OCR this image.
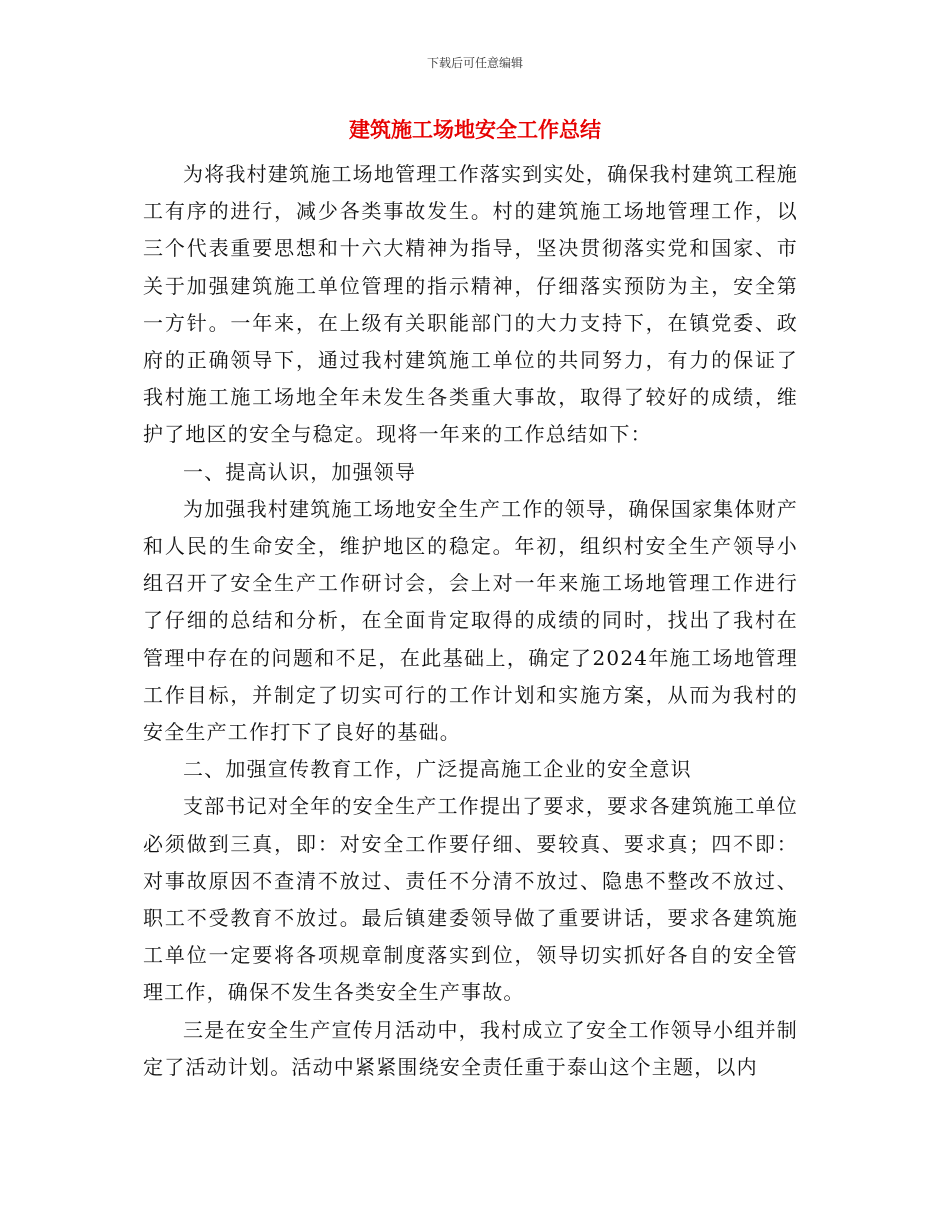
下载后可任意编辑
建筑施工场地安全工作总结

为将我村建筑施工场地管理工作落实到实处，确保我村建筑工程施工有序的进行，减少各类事故发生。村的建筑施工场地管理工作，以三个代表重要思想和十六大精神为指导，坚决贯彻落实党和国家、市关于加强建筑施工单位管理的指示精神，仔细落实预防为主，安全第一方针。一年来，在上级有关职能部门的大力支持下，在镇党委、政府的正确领导下，通过我村建筑施工单位的共同努力，有力的保证了我村施工施工场地全年未发生各类重大事故，取得了较好的成绩，维护了地区的安全与稳定。现将一年来的工作总结如下：

一、提高认识，加强领导

为加强我村建筑施工场地安全生产工作的领导，确保国家集体财产和人民的生命安全，维护地区的稳定。年初，组织村安全生产领导小组召开了安全生产工作研讨会，会上对一年来施工场地管理工作进行了仔细的总结和分析，在全面肯定取得的成绩的同时，找出了我村在管理中存在的问题和不足，在此基础上，确定了2024年施工场地管理工作目标，并制定了切实可行的工作计划和实施方案，从而为我村的安全生产工作打下了良好的基础。

二、加强宣传教育工作，广泛提高施工企业的安全意识

支部书记对全年的安全生产工作提出了要求，要求各建筑施工单位必须做到三真，即：对安全工作要仔细、要较真、要求真；四不即：对事故原因不查清不放过、责任不分清不放过、隐患不整改不放过、职工不受教育不放过。最后镇建委领导做了重要讲话，要求各建筑施工单位一定要将各项规章制度落实到位，领导切实抓好各自的安全管理工作，确保不发生各类安全生产事故。

三是在安全生产宣传月活动中，我村成立了安全工作领导小组并制定了活动计划。活动中紧紧围绕安全责任重于泰山这个主题，以内
